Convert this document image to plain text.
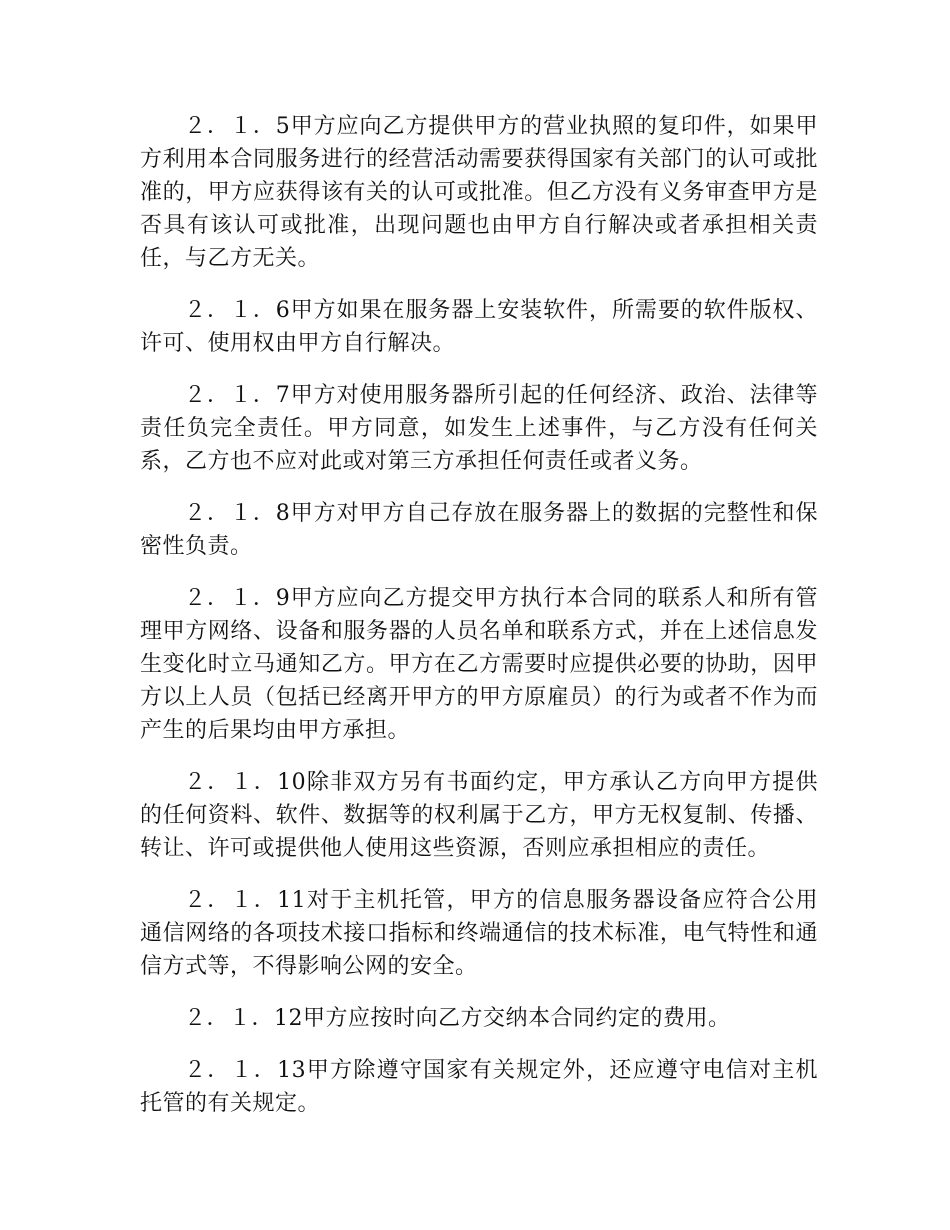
２．１．5甲方应向乙方提供甲方的营业执照的复印件，如果甲方利用本合同服务进行的经营活动需要获得国家有关部门的认可或批准的，甲方应获得该有关的认可或批准。但乙方没有义务审查甲方是否具有该认可或批准，出现问题也由甲方自行解决或者承担相关责任，与乙方无关。

２．１．6甲方如果在服务器上安装软件，所需要的软件版权、许可、使用权由甲方自行解决。

２．１．7甲方对使用服务器所引起的任何经济、政治、法律等责任负完全责任。甲方同意，如发生上述事件，与乙方没有任何关系，乙方也不应对此或对第三方承担任何责任或者义务。

２．１．8甲方对甲方自己存放在服务器上的数据的完整性和保密性负责。

２．１．9甲方应向乙方提交甲方执行本合同的联系人和所有管理甲方网络、设备和服务器的人员名单和联系方式，并在上述信息发生变化时立马通知乙方。甲方在乙方需要时应提供必要的协助，因甲方以上人员（包括已经离开甲方的甲方原雇员）的行为或者不作为而产生的后果均由甲方承担。

２．１．10除非双方另有书面约定，甲方承认乙方向甲方提供的任何资料、软件、数据等的权利属于乙方，甲方无权复制、传播、转让、许可或提供他人使用这些资源，否则应承担相应的责任。

２．１．11对于主机托管，甲方的信息服务器设备应符合公用通信网络的各项技术接口指标和终端通信的技术标准，电气特性和通信方式等，不得影响公网的安全。

２．１．12甲方应按时向乙方交纳本合同约定的费用。

２．１．13甲方除遵守国家有关规定外，还应遵守电信对主机托管的有关规定。
